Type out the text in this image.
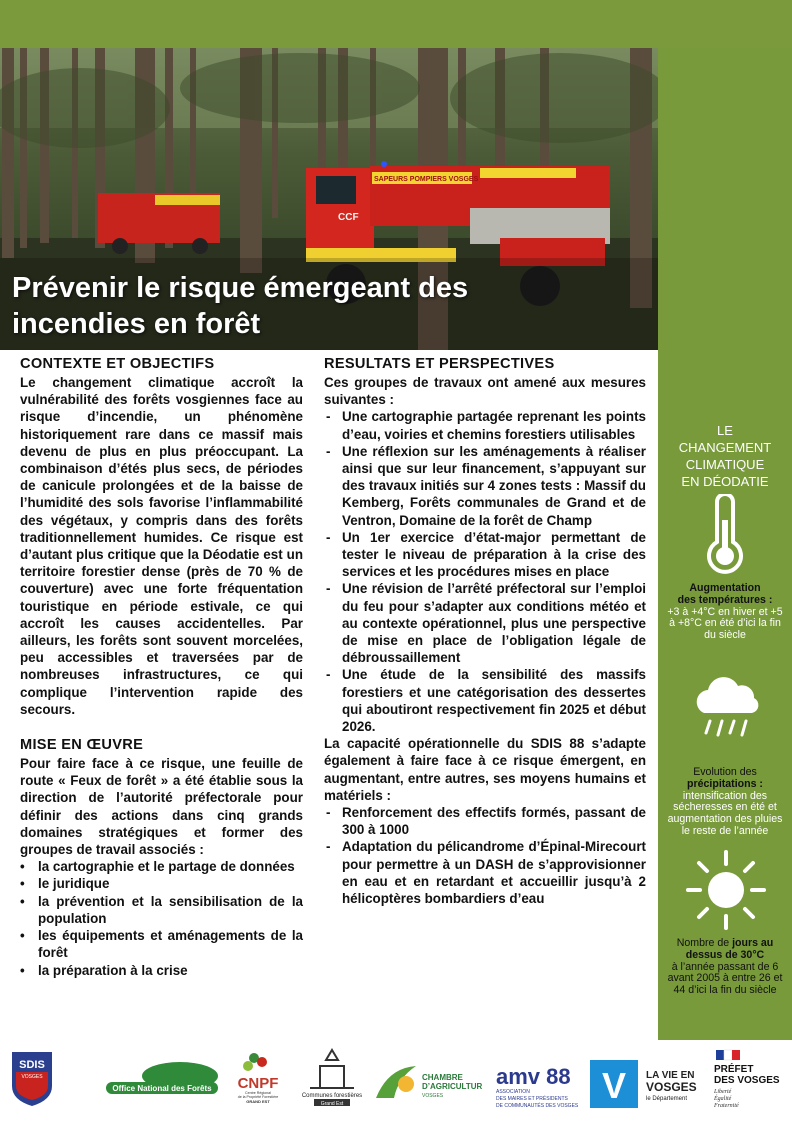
SAPEURS POMPIERS VOSGES
CCF
Prévenir le risque émergeant des
incendies en forêt
CONTEXTE ET OBJECTIFS

Le changement climatique accroît la vulnérabilité des forêts vosgiennes face au risque d’incendie, un phénomène historiquement rare dans ce massif mais devenu de plus en plus préoccupant. La combinaison d’étés plus secs, de périodes de canicule prolongées et de la baisse de l’humidité des sols favorise l’inflammabilité des végétaux, y compris dans des forêts traditionnellement humides. Ce risque est d’autant plus critique que la Déodatie est un territoire forestier dense (près de 70 % de couverture) avec une forte fréquentation touristique en période estivale, ce qui accroît les causes accidentelles. Par ailleurs, les forêts sont souvent morcelées, peu accessibles et traversées par de nombreuses infrastructures, ce qui complique l’intervention rapide des secours.

MISE EN ŒUVRE

Pour faire face à ce risque, une feuille de route « Feux de forêt » a été établie sous la direction de l’autorité préfectorale pour définir des actions dans cinq grands domaines stratégiques et former des groupes de travail associés :

• la cartographie et le partage de données
• le juridique
• la prévention et la sensibilisation de la population
• les équipements et aménagements de la forêt
• la préparation à la crise
RESULTATS ET PERSPECTIVES

Ces groupes de travaux ont amené aux mesures suivantes :

- Une cartographie partagée reprenant les points d’eau, voiries et chemins forestiers utilisables
- Une réflexion sur les aménagements à réaliser ainsi que sur leur financement, s’appuyant sur des travaux initiés sur 4 zones tests : Massif du Kemberg, Forêts communales de Grand et de Ventron, Domaine de la forêt de Champ
- Un 1er exercice d’état-major permettant de tester le niveau de préparation à la crise des services et les procédures mises en place
- Une révision de l’arrêté préfectoral sur l’emploi du feu pour s’adapter aux conditions météo et au contexte opérationnel, plus une perspective de mise en place de l’obligation légale de débroussaillement
- Une étude de la sensibilité des massifs forestiers et une catégorisation des dessertes qui aboutiront respectivement fin 2025 et début 2026.

La capacité opérationnelle du SDIS 88 s’adapte également à faire face à ce risque émergent, en augmentant, entre autres, ses moyens humains et matériels :

- Renforcement des effectifs formés, passant de 300 à 1000
- Adaptation du pélicandrome d’Épinal-Mirecourt pour permettre à un DASH de s’approvisionner en eau et en retardant et accueillir jusqu’à 2 hélicoptères bombardiers d’eau
LE
CHANGEMENT
CLIMATIQUE
EN DÉODATIE
Augmentation
des températures :
+3 à +4°C en hiver et +5 à +8°C en été d’ici la fin du siècle
Evolution des
précipitations :
intensification des sécheresses en été et augmentation des pluies le reste de l’année
Nombre de jours au dessus de 30°C
à l’année passant de 6 avant 2005 à entre 26 et 44 d’ici la fin du siècle
SDIS
VOSGES
Office National des Forêts CNPF
Centre Régional
de la Propriété Forestière
GRAND EST
Communes forestières
Grand Est
CHAMBRE
D’AGRICULTURE
VOSGES
amv 88
ASSOCIATION
DES MAIRES ET PRÉSIDENTS
DE COMMUNAUTÉS DES VOSGES V LA VIE EN
VOSGES
le Département
PRÉFET
DES VOSGES
Liberté
Égalité
Fraternité
